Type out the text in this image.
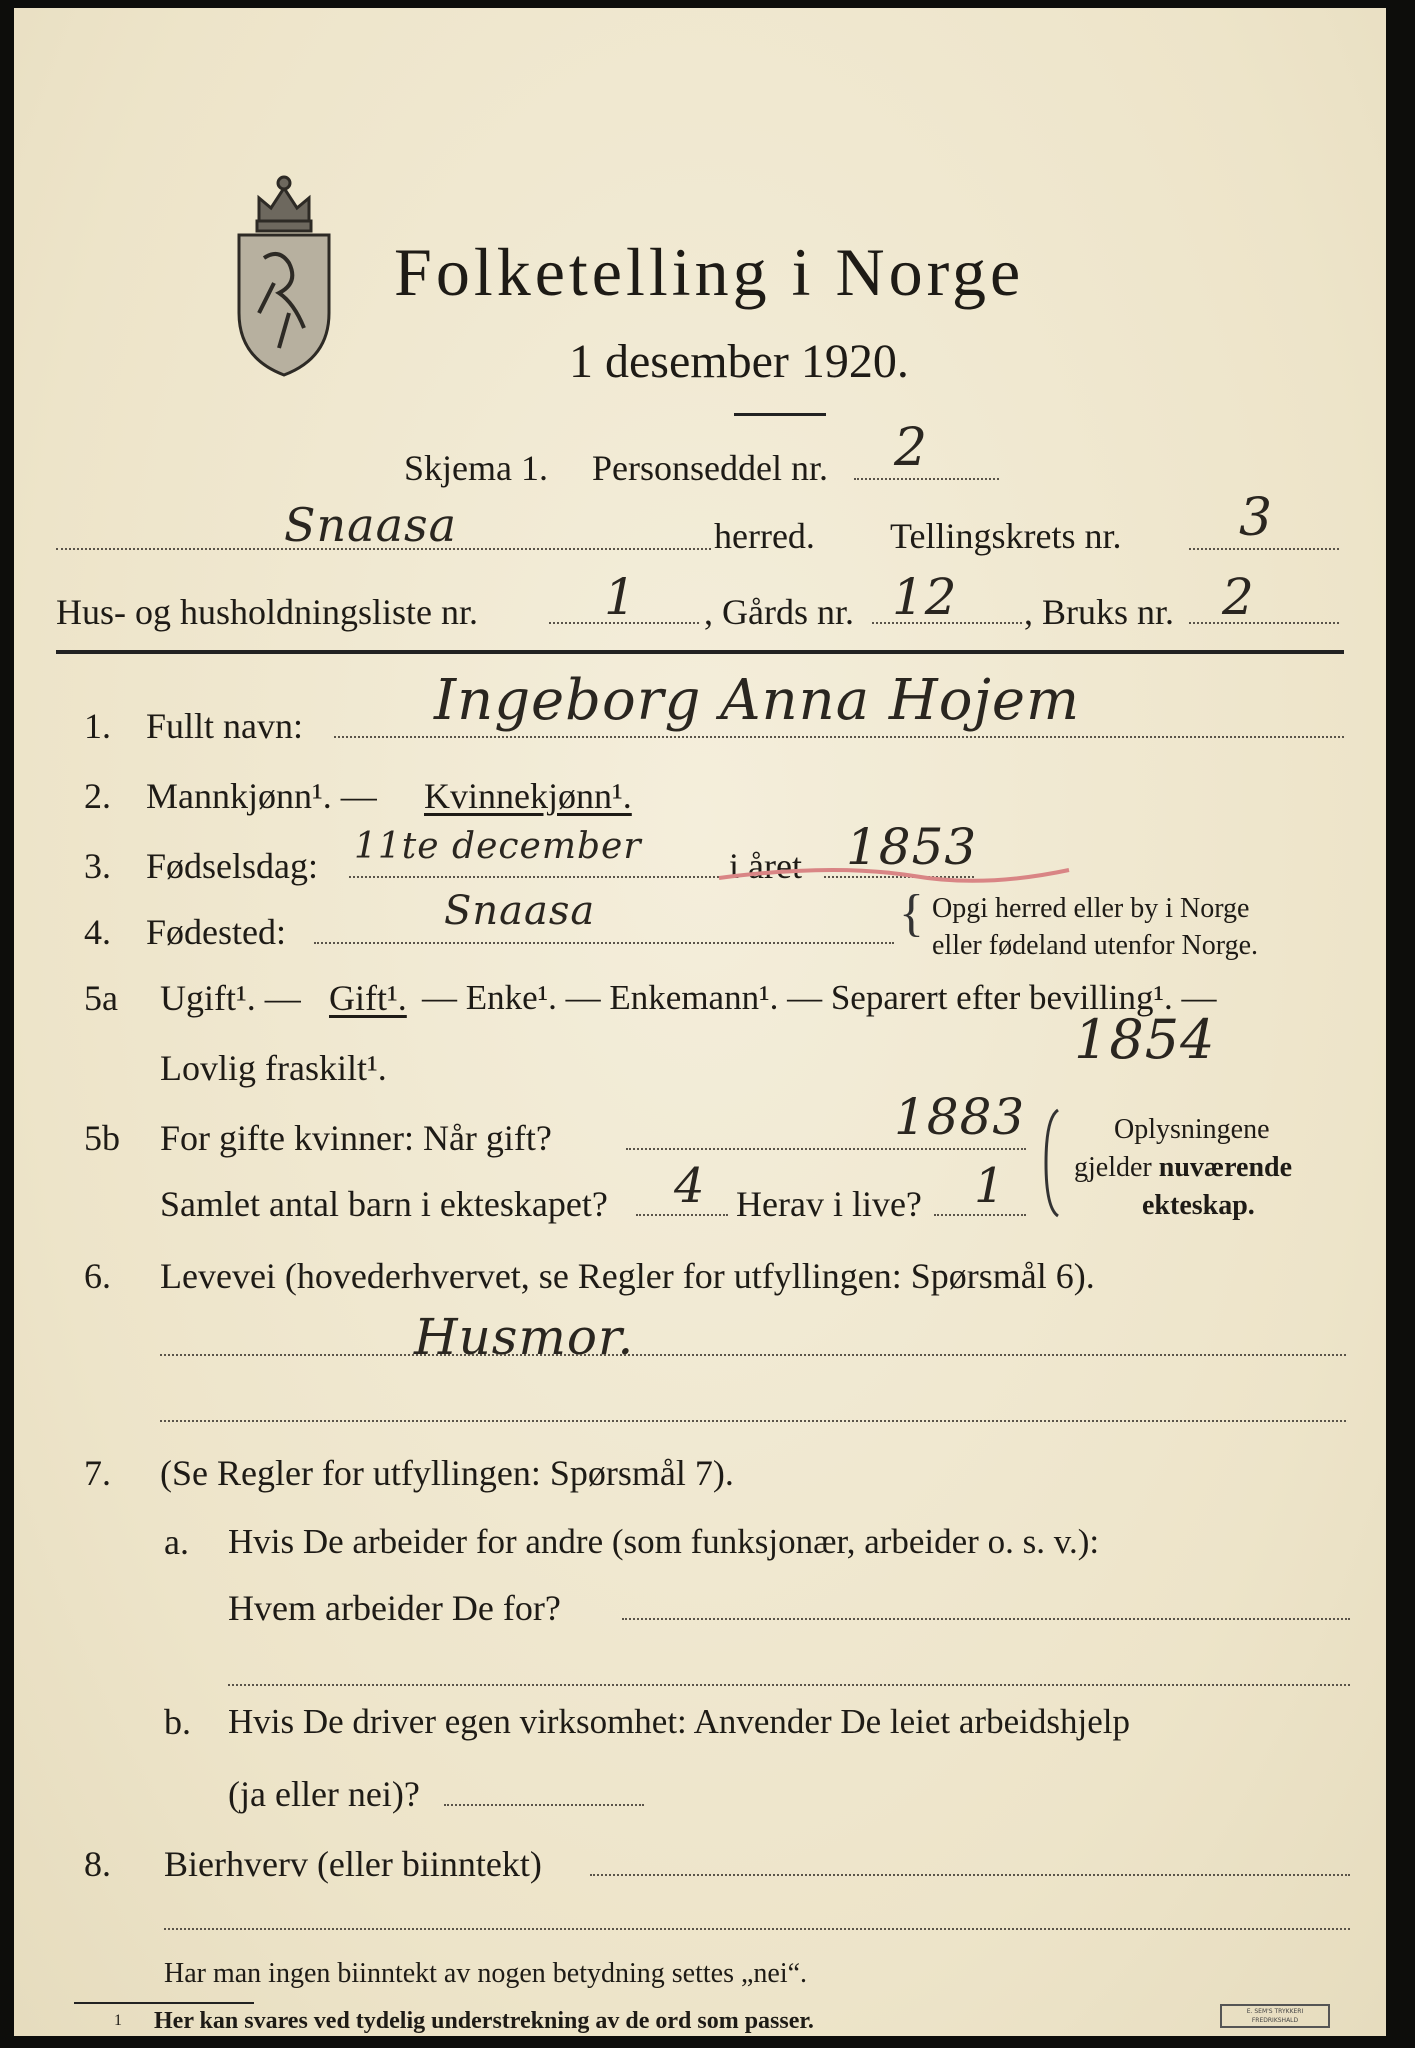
Folketelling i Norge
1 desember 1920.
Skjema 1. Personseddel nr. 2
Snaasa	herred. Tellingskrets nr. 3
Hus- og husholdningsliste nr.	1 , Gårds nr. 12 , Bruks nr. 2
1. Fullt navn: Ingeborg Anna Hojem
2. Mannkjønn¹. — Kvinnekjønn¹.
3. Fødselsdag: 11te december i året 1853
4. Fødested:	Snaasa	{ Opgi herred eller by i Norge
eller fødeland utenfor Norge.
5a Ugift¹. — Gift¹. — Enke¹. — Enkemann¹. — Separert efter bevilling¹. —
Lovlig fraskilt¹.	1854
5b For gifte kvinner: Når gift?	1883
Samlet antal barn i ekteskapet? 4 Herav i live? 1
Oplysningene
gjelder nuværende
ekteskap.
6. Levevei (hovederhvervet, se Regler for utfyllingen: Spørsmål 6).
Husmor.
7. (Se Regler for utfyllingen: Spørsmål 7).
a. Hvis De arbeider for andre (som funksjonær, arbeider o. s. v.):
Hvem arbeider De for?
b. Hvis De driver egen virksomhet: Anvender De leiet arbeidshjelp
(ja eller nei)?
8. Bierhverv (eller biinntekt)
Har man ingen biinntekt av nogen betydning settes „nei“.
1 Her kan svares ved tydelig understrekning av de ord som passer.	E. SEM'S TRYKKERI
FREDRIKSHALD
